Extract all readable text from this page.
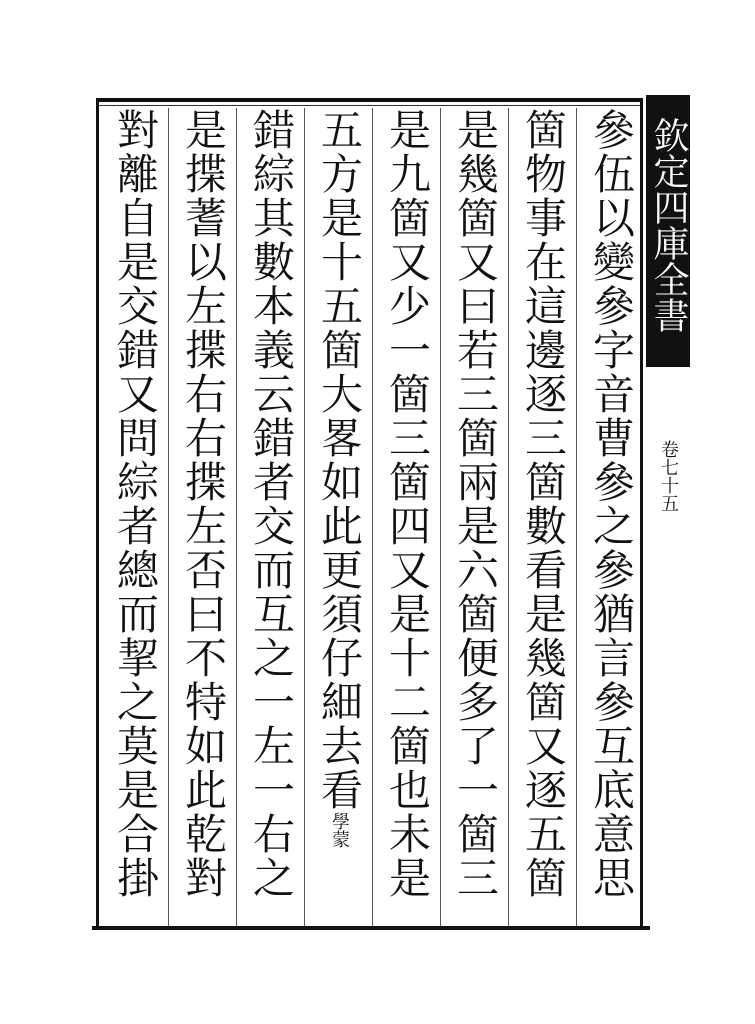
參伍以變參字音曹參之參猶言參互底意思
箇物事在這邊逐三箇數看是幾箇又逐五箇
是幾箇又曰若三箇兩是六箇便多了一箇三
是九箇又少一箇三箇四又是十二箇也未是
五方是十五箇大畧如此更須仔細去看學蒙
錯綜其數本義云錯者交而互之一左一右之
是揲蓍以左揲右右揲左否曰不特如此乾對
對離自是交錯又問綜者總而挈之莫是合掛
欽定四庫全書
卷七十五
